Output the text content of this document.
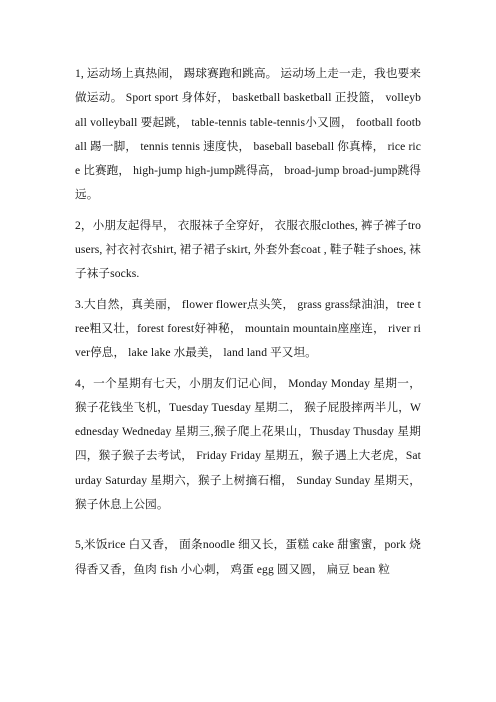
1, 运动场上真热闹， 踢球赛跑和跳高。 运动场上走一走，我也要来做运动。 Sport sport 身体好， basketball basketball 正投篮， volleyball volleyball 要起跳， table-tennis table-tennis小又圆， football football 踢一脚， tennis tennis 速度快， baseball baseball 你真棒， rice rice 比赛跑， high-jump high-jump跳得高， broad-jump broad-jump跳得远。

2，小朋友起得早， 衣服袜子全穿好， 衣服衣服clothes, 裤子裤子trousers, 衬衣衬衣shirt, 裙子裙子skirt, 外套外套coat , 鞋子鞋子shoes, 袜子袜子socks.

3.大自然，真美丽， flower flower点头笑， grass grass绿油油，tree tree粗又壮，forest forest好神秘， mountain mountain座座连， river river停息， lake lake 水最美， land land 平又坦。

4，一个星期有七天，小朋友们记心间， Monday Monday 星期一，猴子花钱坐飞机，Tuesday Tuesday 星期二， 猴子屁股摔两半儿，Wednesday Wedneday 星期三,猴子爬上花果山，Thusday Thusday 星期四，猴子猴子去考试， Friday Friday 星期五，猴子遇上大老虎，Saturday Saturday 星期六，猴子上树摘石榴， Sunday Sunday 星期天，猴子休息上公园。

5,米饭rice 白又香， 面条noodle 细又长，蛋糕 cake 甜蜜蜜，pork 烧得香又香，鱼肉 fish 小心刺， 鸡蛋 egg 圆又圆， 扁豆 bean 粒
